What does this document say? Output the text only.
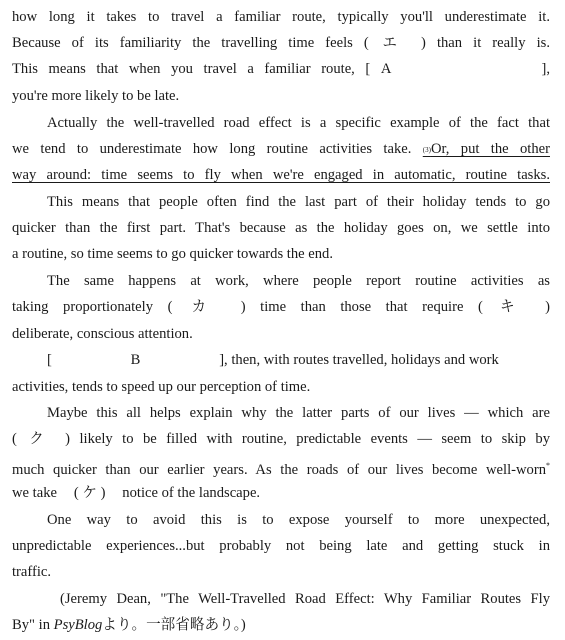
how long it takes to travel a familiar route, typically you'll underestimate it.
Because of its familiarity the travelling time feels ( エ ) than it really is.
This means that when you travel a familiar route, [ A	],
you're more likely to be late.
Actually the well-travelled road effect is a specific example of the fact that
we tend to underestimate how long routine activities take. (3)Or, put the other
way around: time seems to fly when we're engaged in automatic, routine tasks.
This means that people often find the last part of their holiday tends to go
quicker than the first part. That's because as the holiday goes on, we settle into
a routine, so time seems to go quicker towards the end.
The same happens at work, where people report routine activities as
taking proportionately ( カ ) time than those that require ( キ )
deliberate, conscious attention.
[	B	], then, with routes travelled, holidays and work
activities, tends to speed up our perception of time.
Maybe this all helps explain why the latter parts of our lives — which are
( ク ) likely to be filled with routine, predictable events — seem to skip by
much quicker than our earlier years. As the roads of our lives become well-worn*
we take ( ケ ) notice of the landscape.
One way to avoid this is to expose yourself to more unexpected,
unpredictable experiences...but probably not being late and getting stuck in
traffic.
(Jeremy Dean, "The Well-Travelled Road Effect: Why Familiar Routes Fly
By" in PsyBlogより。一部省略あり。)
